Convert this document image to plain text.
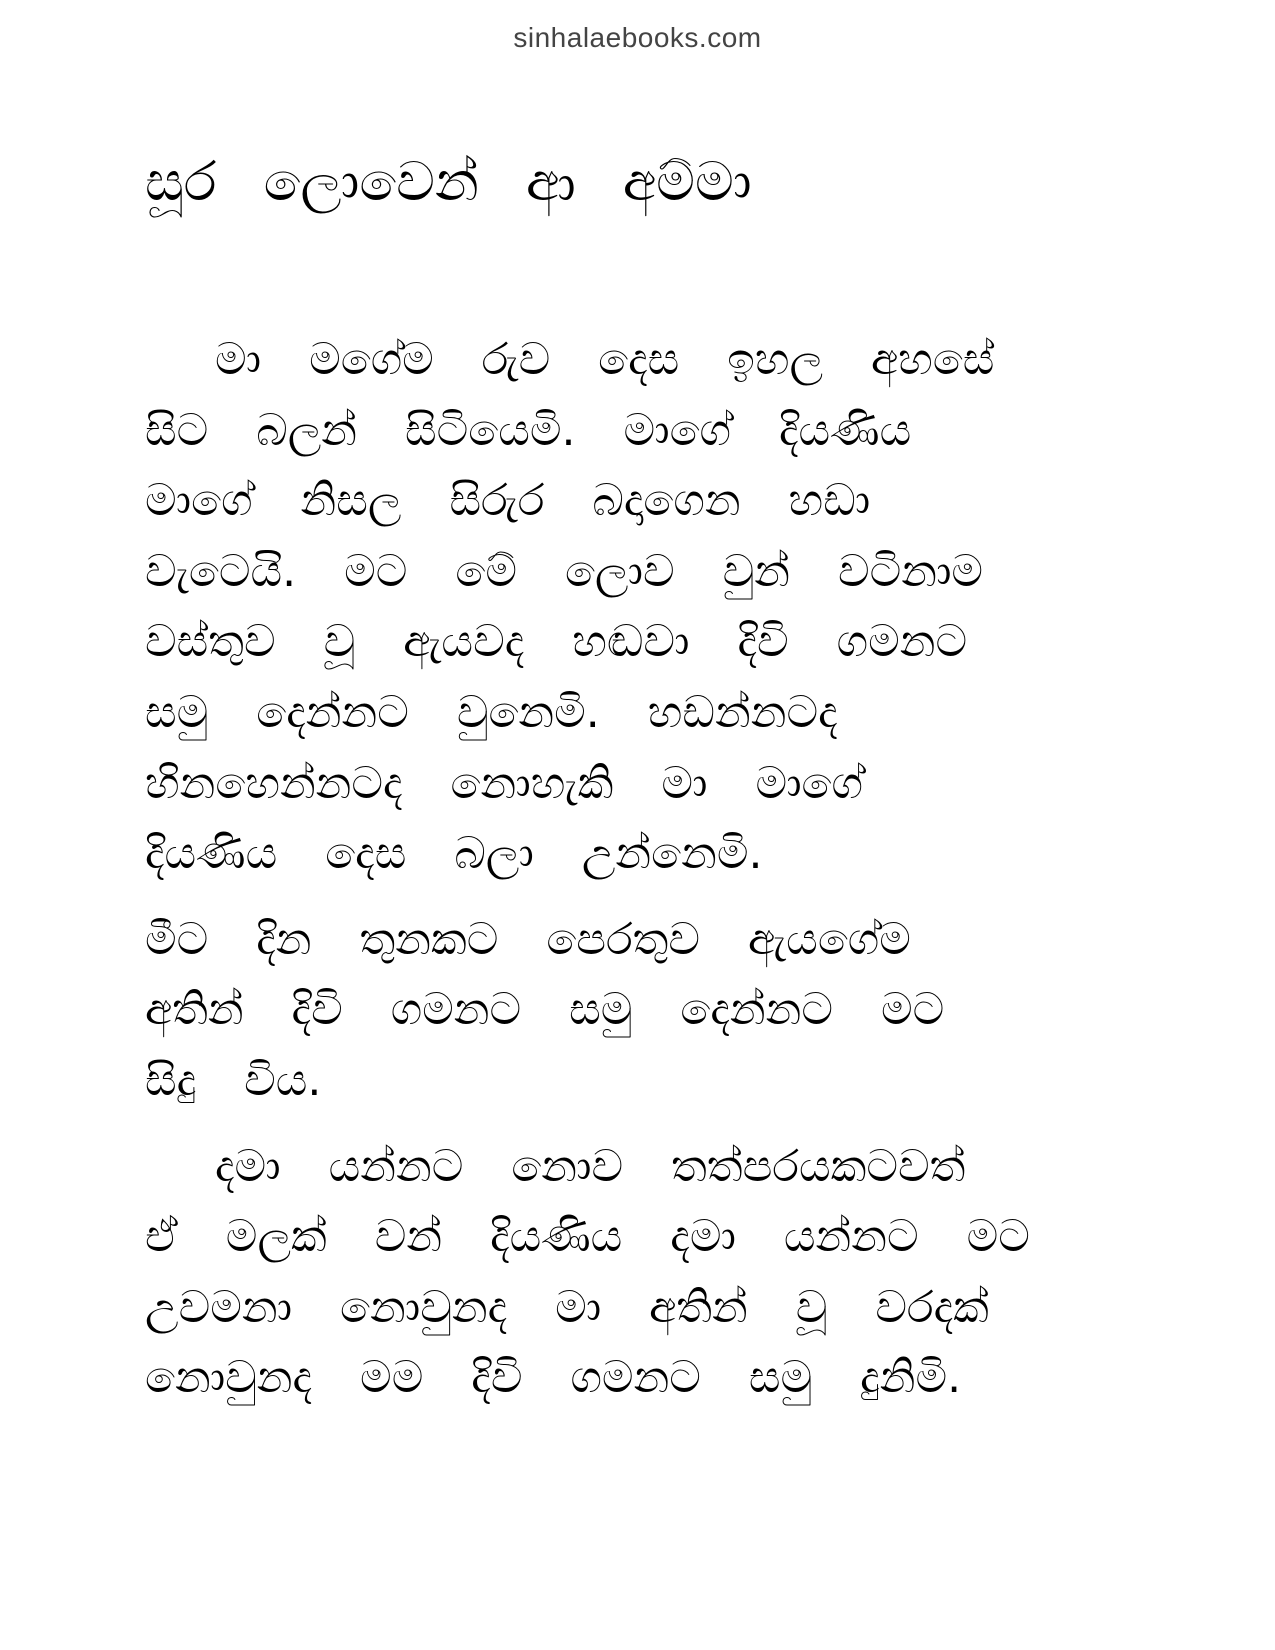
sinhalaebooks.com
සූර ලොවෙන් ආ අම්මා
මා මගේම රුව දෙස ඉහල අහසේ
සිට බලන් සිටියෙමි. මාගේ දියණිය
මාගේ නිසල සිරුර බදාගෙන හඩා
වැටෙයි. මට මේ ලොව වුන් වටිනාම
වස්තුව වූ ඇයවද හඬවා දිවි ගමනට
සමු දෙන්නට වුනෙමි. හඩන්නටද
හිනහෙන්නටද නොහැකි මා මාගේ
දියණිය දෙස බලා උන්නෙමි.
මීට දින තුනකට පෙරතුව ඇයගේම
අතින් දිවි ගමනට සමු දෙන්නට මට
සිදු විය.
දමා යන්නට නොව තත්පරයකටවත්
ඒ මලක් වන් දියණිය දමා යන්නට මට
උවමනා නොවුනද මා අතින් වූ වරදක්
නොවුනද මම දිවි ගමනට සමු දුනිමි.
